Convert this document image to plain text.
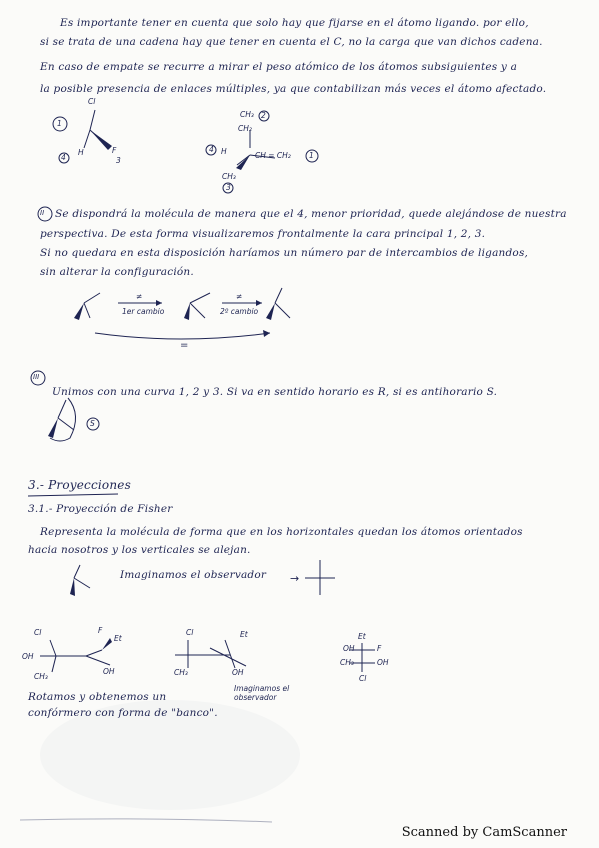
Es importante tener en cuenta que solo hay que fijarse en el átomo ligando. por ello,
si se trata de una cadena hay que tener en cuenta el C, no la carga que van dichos cadena.
En caso de empate se recurre a mirar el peso atómico de los átomos subsiguientes y a
la posible presencia de enlaces múltiples, ya que contabilizan más veces el átomo afectado.
Cl
1
H
4
F
3
CH₃ 2
CH₂
CH = CH₂
4 H
CH₃
3
1
II Se dispondrá la molécula de manera que el 4, menor prioridad, quede alejándose de nuestra
perspectiva. De esta forma visualizaremos frontalmente la cara principal 1, 2, 3.
Si no quedara en esta disposición haríamos un número par de intercambios de ligandos,
sin alterar la configuración.
≠
1er cambio
≠
2º cambio
=
III
Unimos con una curva 1, 2 y 3. Si va en sentido horario es R, si es antihorario S.
S
3.- Proyecciones
3.1.- Proyección de Fisher
Representa la molécula de forma que en los horizontales quedan los átomos orientados
hacia nosotros y los verticales se alejan.
Imaginamos el observador →
Cl	F
Et
OH
CH₃
OH
Cl	Et
CH₃	OH
Imaginamos el observador
Et
OH	F
CH₃	OH
Cl
Rotamos y obtenemos un
confórmero con forma de "banco".
Scanned by CamScanner
